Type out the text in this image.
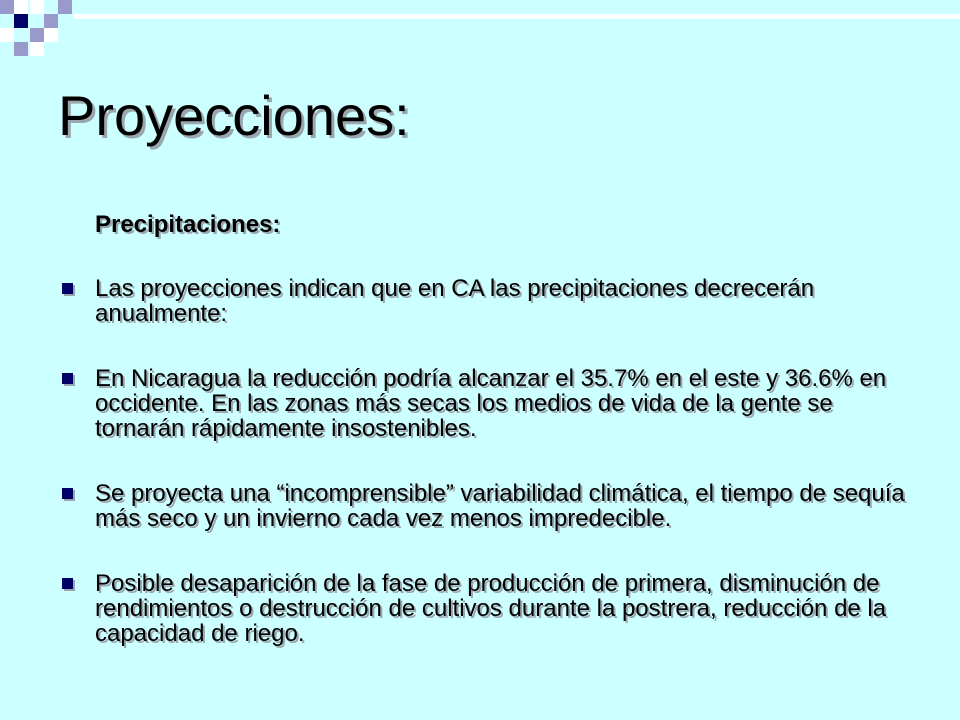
Proyecciones:
Precipitaciones:
Las proyecciones indican que en CA las precipitaciones decrecerán anualmente:
En Nicaragua la reducción podría alcanzar el 35.7% en el este y 36.6% en occidente. En las zonas más secas los medios de vida de la gente se tornarán rápidamente insostenibles.
Se proyecta una “incomprensible” variabilidad climática, el tiempo de sequía más seco y un invierno cada vez menos impredecible.
Posible desaparición de la fase de producción de primera, disminución de rendimientos o destrucción de cultivos durante la postrera, reducción de la capacidad de riego.
